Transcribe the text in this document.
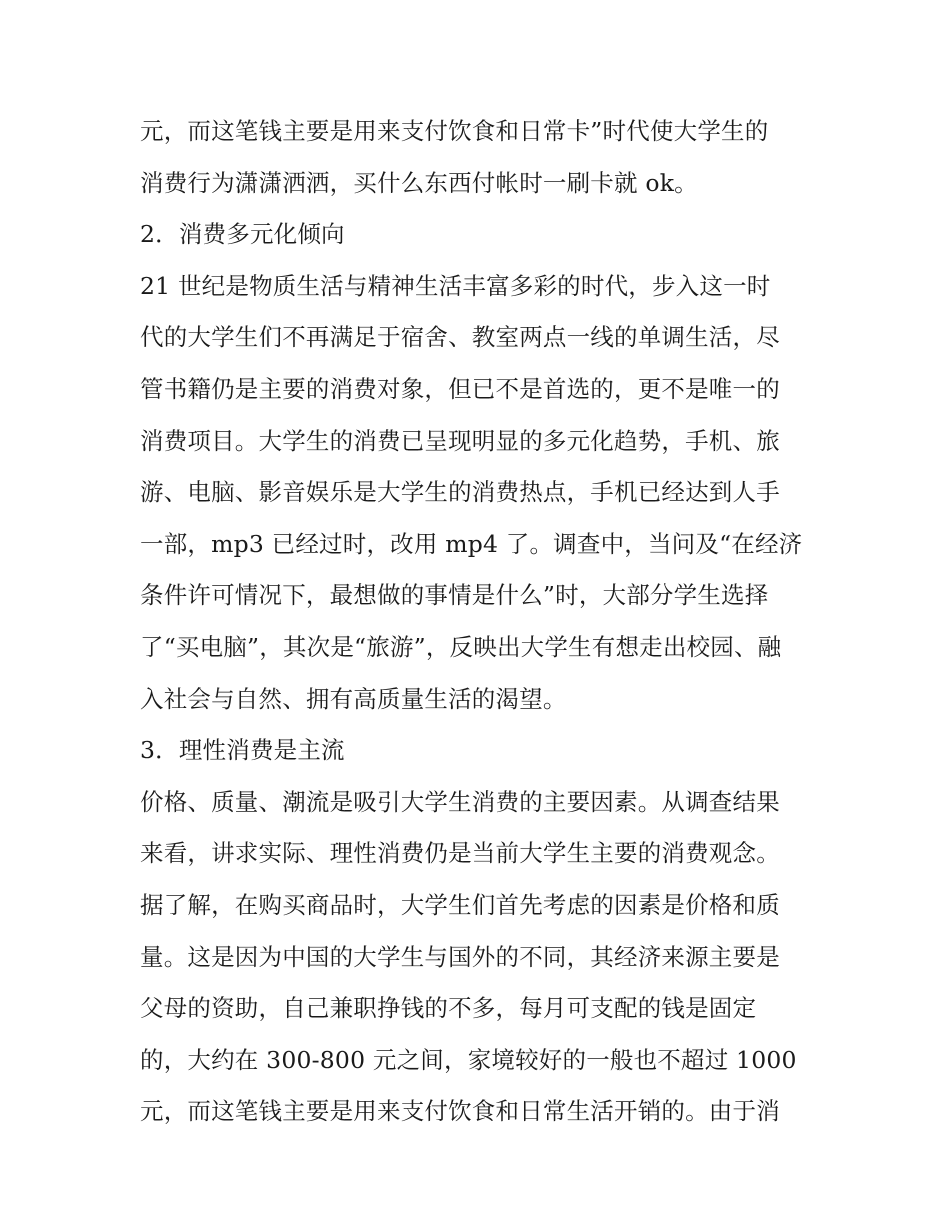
元，而这笔钱主要是用来支付饮食和日常卡”时代使大学生的
消费行为潇潇洒洒，买什么东西付帐时一刷卡就 ok。
2．消费多元化倾向
21 世纪是物质生活与精神生活丰富多彩的时代，步入这一时
代的大学生们不再满足于宿舍、教室两点一线的单调生活，尽
管书籍仍是主要的消费对象，但已不是首选的，更不是唯一的
消费项目。大学生的消费已呈现明显的多元化趋势，手机、旅
游、电脑、影音娱乐是大学生的消费热点，手机已经达到人手
一部，mp3 已经过时，改用 mp4 了。调查中，当问及“在经济
条件许可情况下，最想做的事情是什么”时，大部分学生选择
了“买电脑”，其次是“旅游”，反映出大学生有想走出校园、融
入社会与自然、拥有高质量生活的渴望。
3．理性消费是主流
价格、质量、潮流是吸引大学生消费的主要因素。从调查结果
来看，讲求实际、理性消费仍是当前大学生主要的消费观念。
据了解，在购买商品时，大学生们首先考虑的因素是价格和质
量。这是因为中国的大学生与国外的不同，其经济来源主要是
父母的资助，自己兼职挣钱的不多，每月可支配的钱是固定
的，大约在 300-800 元之间，家境较好的一般也不超过 1000
元，而这笔钱主要是用来支付饮食和日常生活开销的。由于消
